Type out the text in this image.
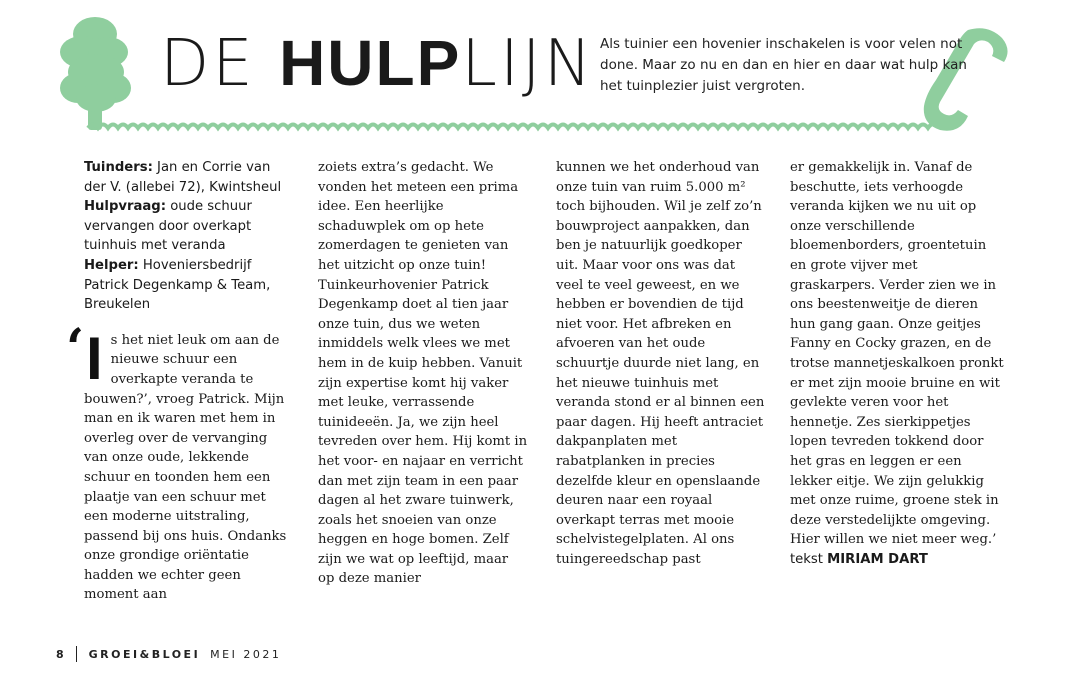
DE HULPLIJN Als tuinier een hovenier inschakelen is voor velen not done. Maar zo nu en dan en hier en daar wat hulp kan het tuinplezier juist vergroten.

Tuinders: Jan en Corrie van der V. (allebei 72), Kwintsheul

Hulpvraag: oude schuur vervangen door overkapt tuinhuis met veranda

Helper: Hoveniersbedrijf Patrick Degenkamp & Team, Breukelen

‘ I s het niet leuk om aan de nieuwe schuur een overkapte veranda te bouwen?’, vroeg Patrick. Mijn man en ik waren met hem in overleg over de vervanging van onze oude, lekkende schuur en toonden hem een plaatje van een schuur met een moderne uitstraling, passend bij ons huis. Ondanks onze grondige oriëntatie hadden we echter geen moment aan

zoiets extra’s gedacht. We vonden het meteen een prima idee. Een heerlijke schaduwplek om op hete zomerdagen te genieten van het uitzicht op onze tuin! Tuinkeurhovenier Patrick Degenkamp doet al tien jaar onze tuin, dus we weten inmiddels welk vlees we met hem in de kuip hebben. Vanuit zijn expertise komt hij vaker met leuke, verrassende tuinideeën. Ja, we zijn heel tevreden over hem. Hij komt in het voor- en najaar en verricht dan met zijn team in een paar dagen al het zware tuinwerk, zoals het snoeien van onze heggen en hoge bomen. Zelf zijn we wat op leeftijd, maar op deze manier

kunnen we het onderhoud van onze tuin van ruim 5.000 m² toch bijhouden. Wil je zelf zo’n bouwproject aanpakken, dan ben je natuurlijk goedkoper uit. Maar voor ons was dat veel te veel geweest, en we hebben er bovendien de tijd niet voor. Het afbreken en afvoeren van het oude schuurtje duurde niet lang, en het nieuwe tuinhuis met veranda stond er al binnen een paar dagen. Hij heeft antraciet dakpanplaten met rabatplanken in precies dezelfde kleur en openslaande deuren naar een royaal overkapt terras met mooie schelvistegelplaten. Al ons tuingereedschap past

er gemakkelijk in. Vanaf de beschutte, iets verhoogde veranda kijken we nu uit op onze verschillende bloemenborders, groentetuin en grote vijver met graskarpers. Verder zien we in ons beestenweitje de dieren hun gang gaan. Onze geitjes Fanny en Cocky grazen, en de trotse mannetjeskalkoen pronkt er met zijn mooie bruine en wit gevlekte veren voor het hennetje. Zes sierkippetjes lopen tevreden tokkend door het gras en leggen er een lekker eitje. We zijn gelukkig met onze ruime, groene stek in deze verstedelijkte omgeving. Hier willen we niet meer weg.’

tekst MIRIAM DART
8 GROEI&BLOEI MEI 2021
